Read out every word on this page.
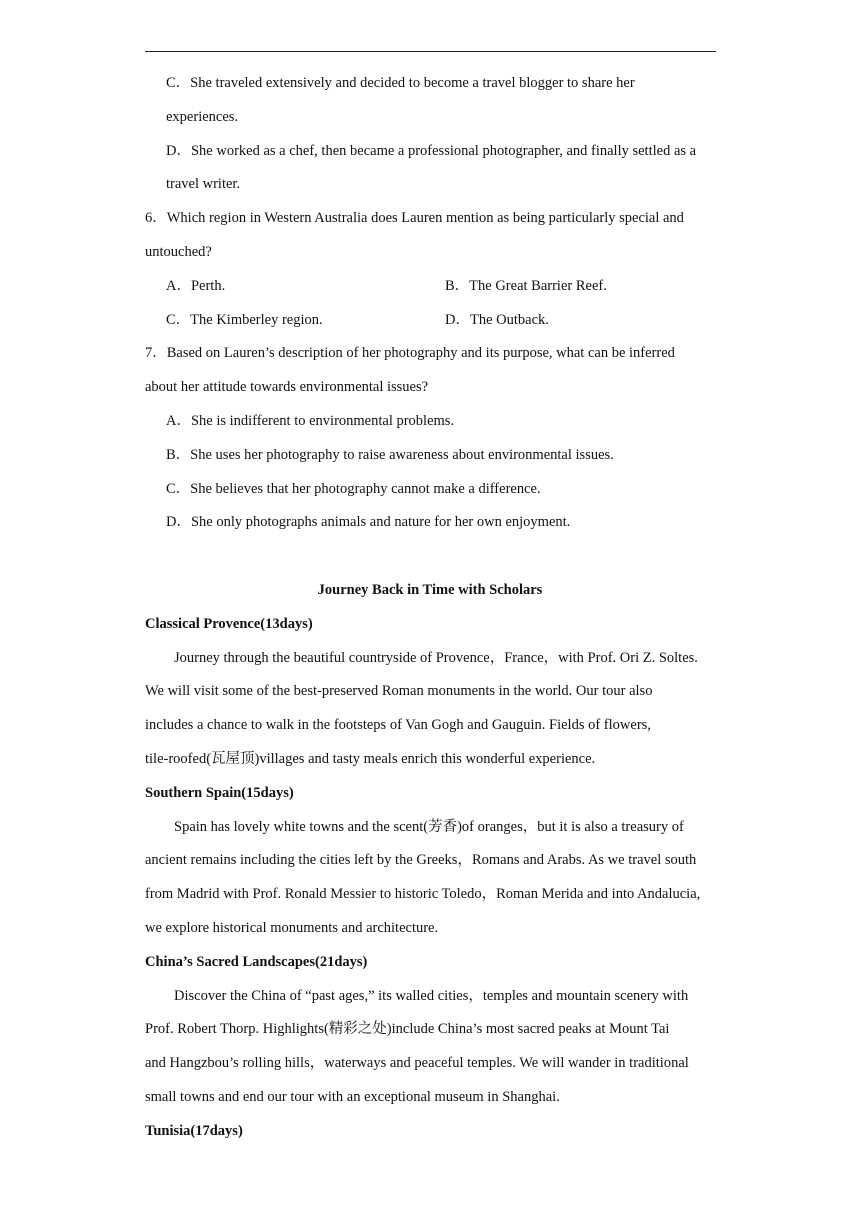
C．She traveled extensively and decided to become a travel blogger to share her
experiences.
D．She worked as a chef, then became a professional photographer, and finally settled as a
travel writer.
6．Which region in Western Australia does Lauren mention as being particularly special and
untouched?
A．Perth.	B．The Great Barrier Reef.
C．The Kimberley region.	D．The Outback.
7．Based on Lauren’s description of her photography and its purpose, what can be inferred
about her attitude towards environmental issues?
A．She is indifferent to environmental problems.
B．She uses her photography to raise awareness about environmental issues.
C．She believes that her photography cannot make a difference.
D．She only photographs animals and nature for her own enjoyment.
Journey Back in Time with Scholars
Classical Provence(13days)
Journey through the beautiful countryside of Provence，France，with Prof. Ori Z. Soltes.
We will visit some of the best-preserved Roman monuments in the world. Our tour also
includes a chance to walk in the footsteps of Van Gogh and Gauguin. Fields of flowers,
tile-roofed(瓦屋顶)villages and tasty meals enrich this wonderful experience.
Southern Spain(15days)
Spain has lovely white towns and the scent(芳香)of oranges，but it is also a treasury of
ancient remains including the cities left by the Greeks，Romans and Arabs. As we travel south
from Madrid with Prof. Ronald Messier to historic Toledo，Roman Merida and into Andalucia,
we explore historical monuments and architecture.
China’s Sacred Landscapes(21days)
Discover the China of “past ages,” its walled cities，temples and mountain scenery with
Prof. Robert Thorp. Highlights(精彩之处)include China’s most sacred peaks at Mount Tai
and Hangzbou’s rolling hills，waterways and peaceful temples. We will wander in traditional
small towns and end our tour with an exceptional museum in Shanghai.
Tunisia(17days)
